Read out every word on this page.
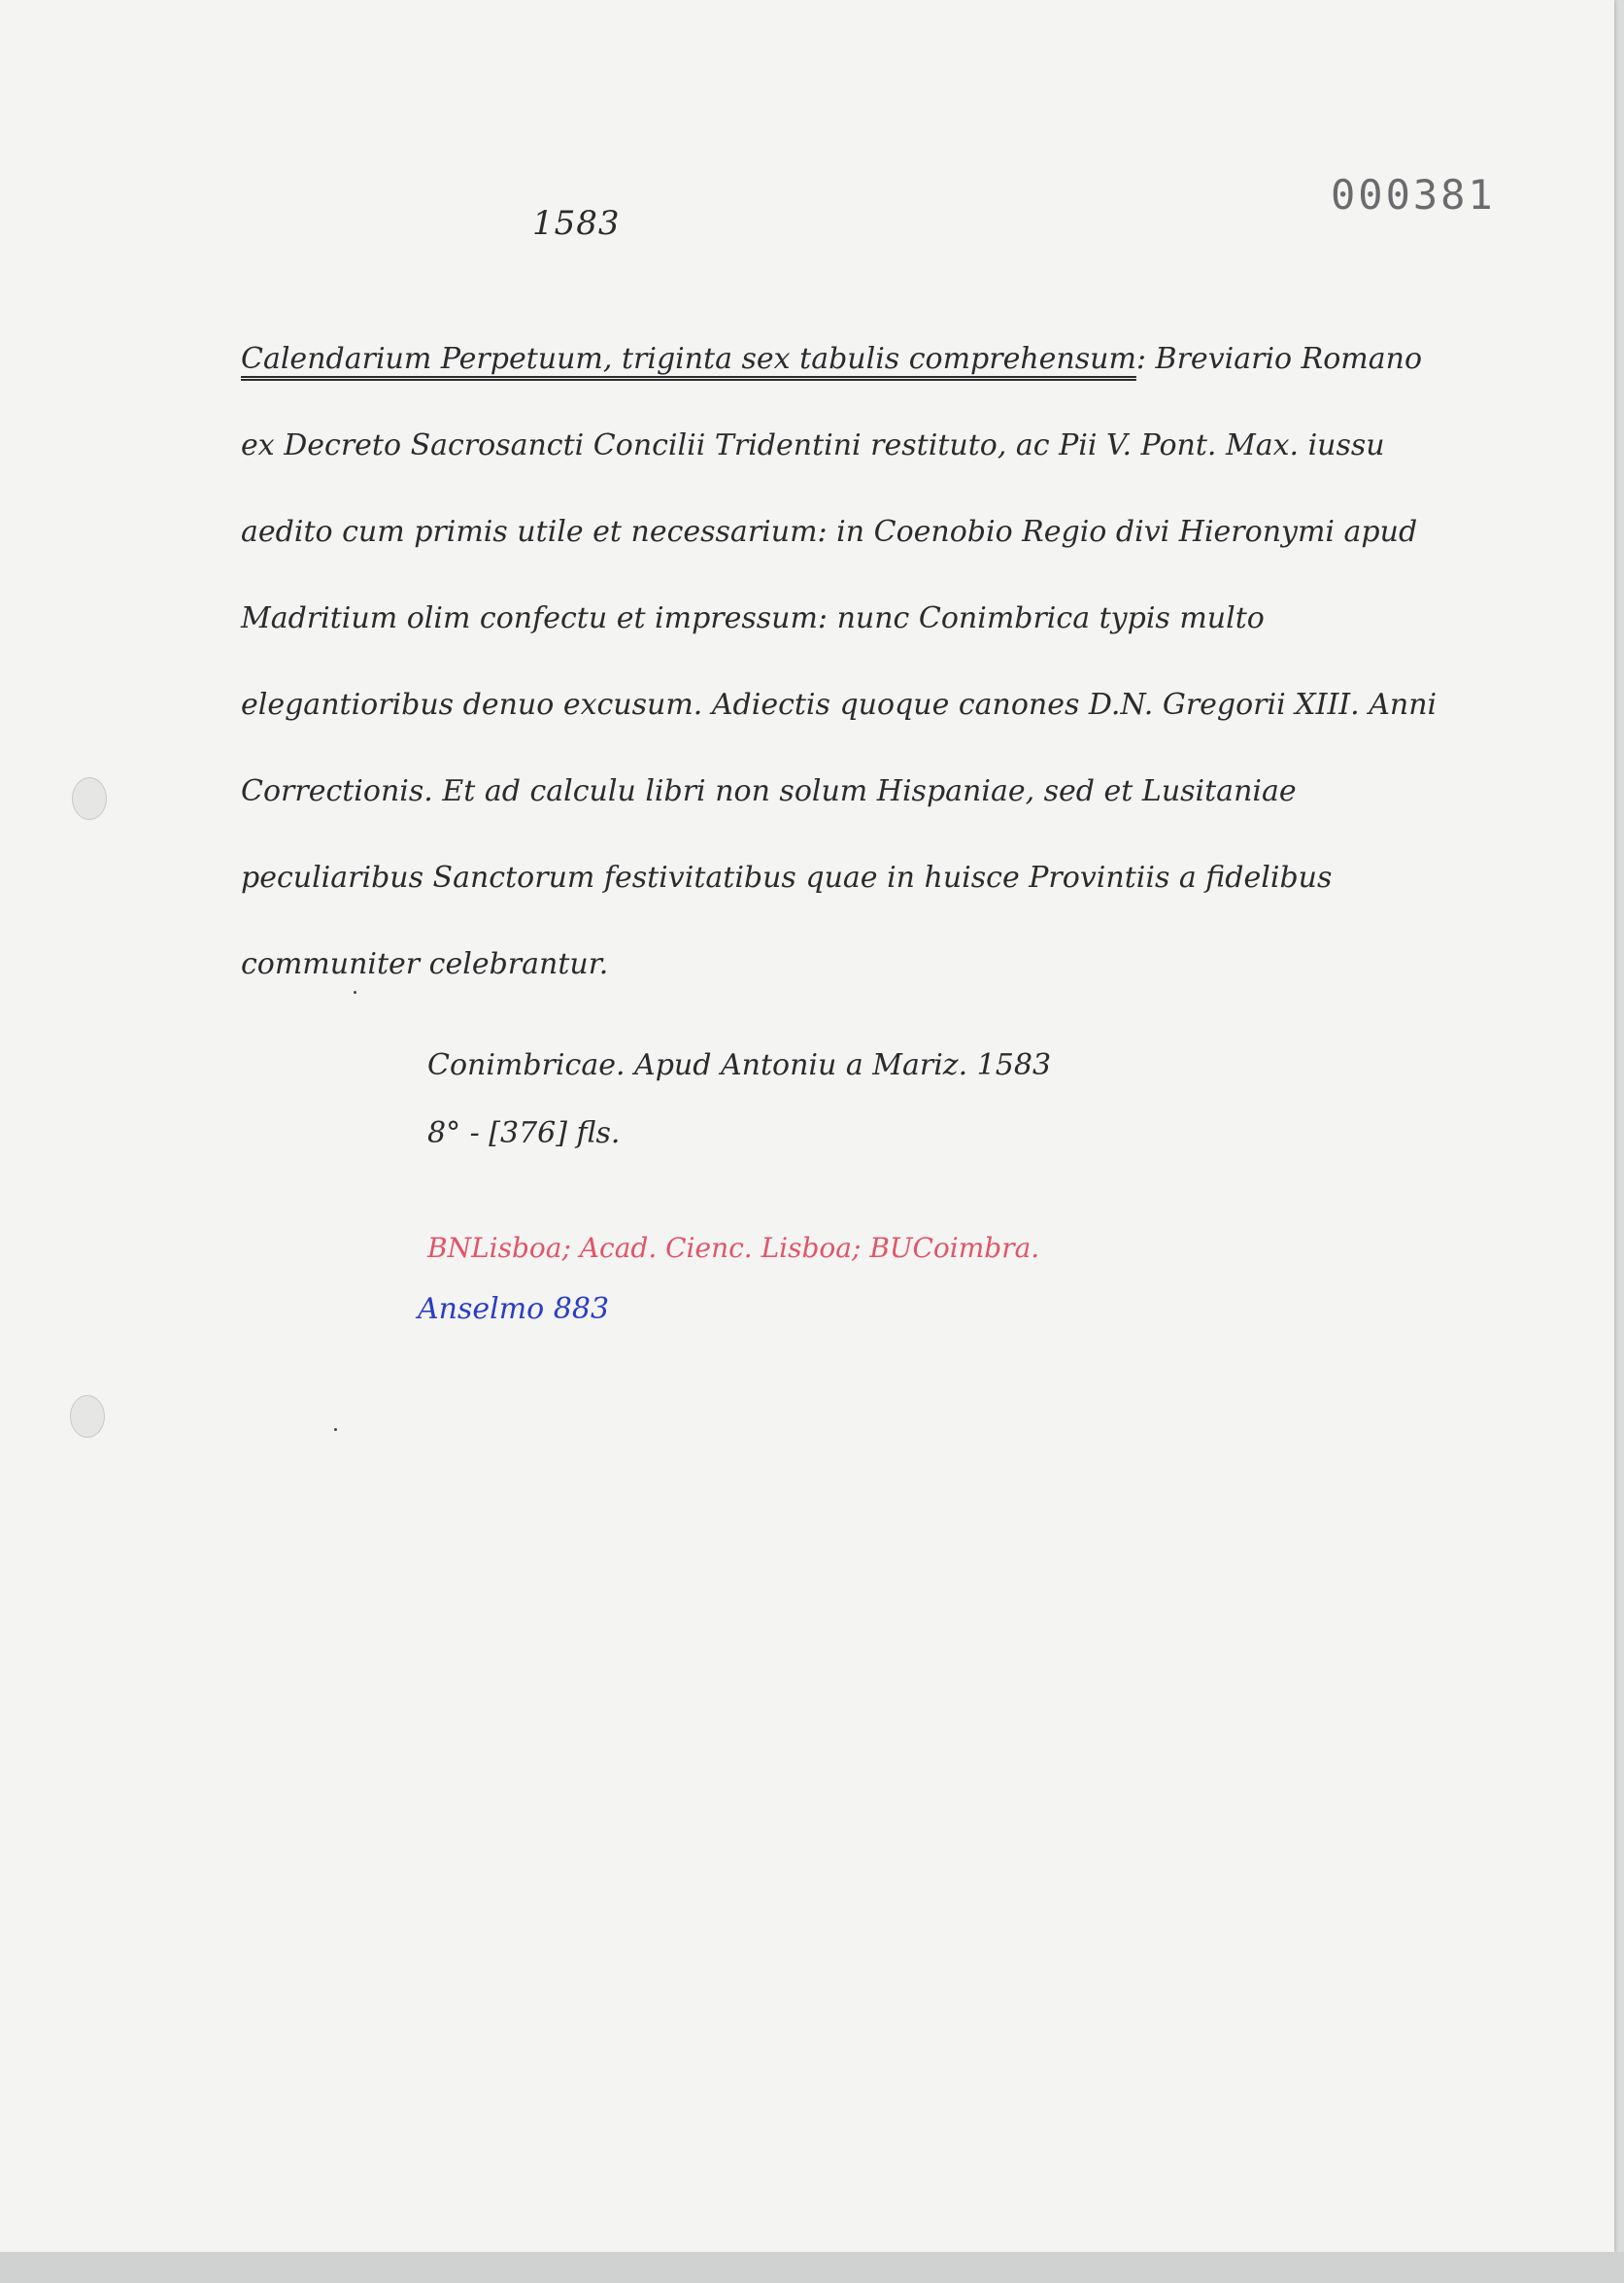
1583
000381
Calendarium Perpetuum, triginta sex tabulis comprehensum: Breviario Romano ex Decreto Sacrosancti Concilii Tridentini restituto, ac Pii V. Pont. Max. iussu aedito cum primis utile et necessarium: in Coenobio Regio divi Hieronymi apud Madritium olim confectu et impressum: nunc Conimbrica typis multo elegantioribus denuo excusum. Adiectis quoque canones D.N. Gregorii XIII. Anni Correctionis. Et ad calculu libri non solum Hispaniae, sed et Lusitaniae peculiaribus Sanctorum festivitatibus quae in huisce Provintiis a fidelibus communiter celebrantur.
Conimbricae. Apud Antoniu a Mariz. 1583
8° - [376] fls.
BNLisboa; Acad. Cienc. Lisboa; BUCoimbra.
Anselmo 883
